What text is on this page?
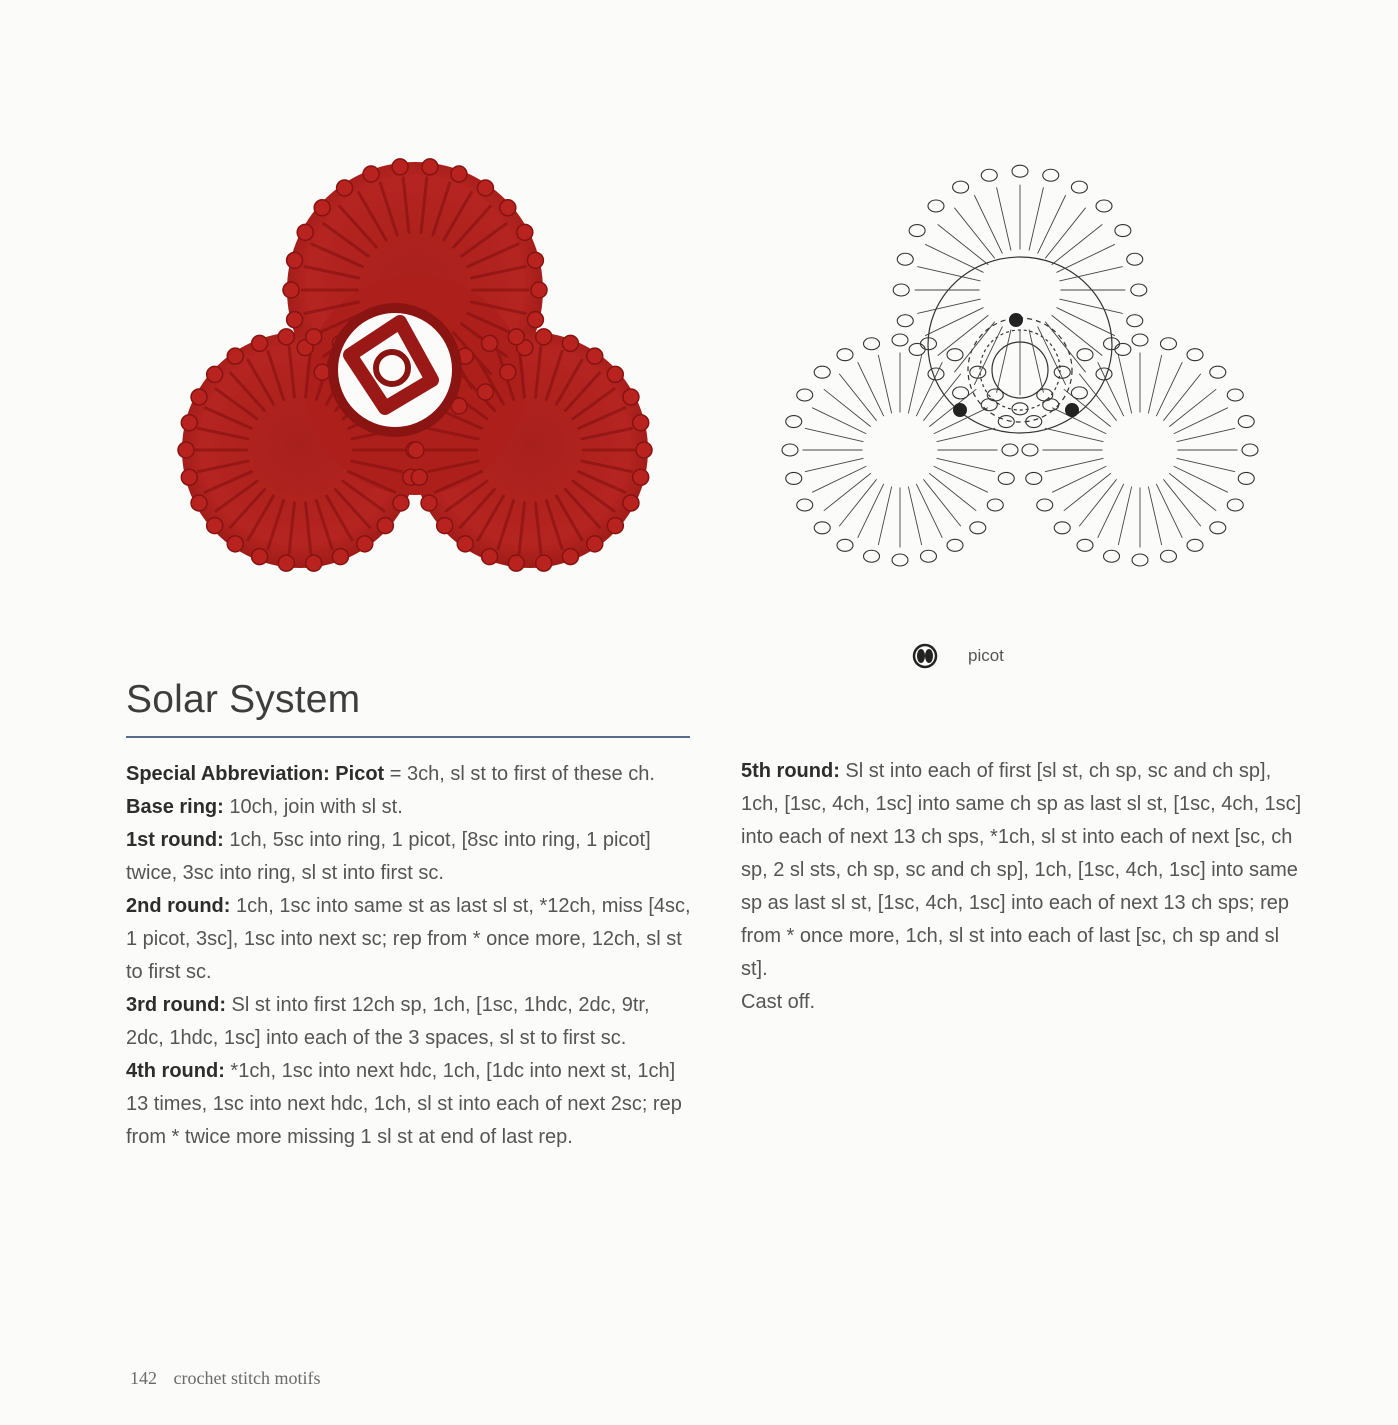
picot
Solar System

Special Abbreviation: Picot = 3ch, sl st to first of these ch.

Base ring: 10ch, join with sl st.

1st round: 1ch, 5sc into ring, 1 picot, [8sc into ring, 1 picot] twice, 3sc into ring, sl st into first sc.

2nd round: 1ch, 1sc into same st as last sl st, *12ch, miss [4sc, 1 picot, 3sc], 1sc into next sc; rep from * once more, 12ch, sl st to first sc.

3rd round: Sl st into first 12ch sp, 1ch, [1sc, 1hdc, 2dc, 9tr, 2dc, 1hdc, 1sc] into each of the 3 spaces, sl st to first sc.

4th round: *1ch, 1sc into next hdc, 1ch, [1dc into next st, 1ch] 13 times, 1sc into next hdc, 1ch, sl st into each of next 2sc; rep from * twice more missing 1 sl st at end of last rep.

5th round: Sl st into each of first [sl st, ch sp, sc and ch sp], 1ch, [1sc, 4ch, 1sc] into same ch sp as last sl st, [1sc, 4ch, 1sc] into each of next 13 ch sps, *1ch, sl st into each of next [sc, ch sp, 2 sl sts, ch sp, sc and ch sp], 1ch, [1sc, 4ch, 1sc] into same sp as last sl st, [1sc, 4ch, 1sc] into each of next 13 ch sps; rep from * once more, 1ch, sl st into each of last [sc, ch sp and sl st].

Cast off.

142 crochet stitch motifs
